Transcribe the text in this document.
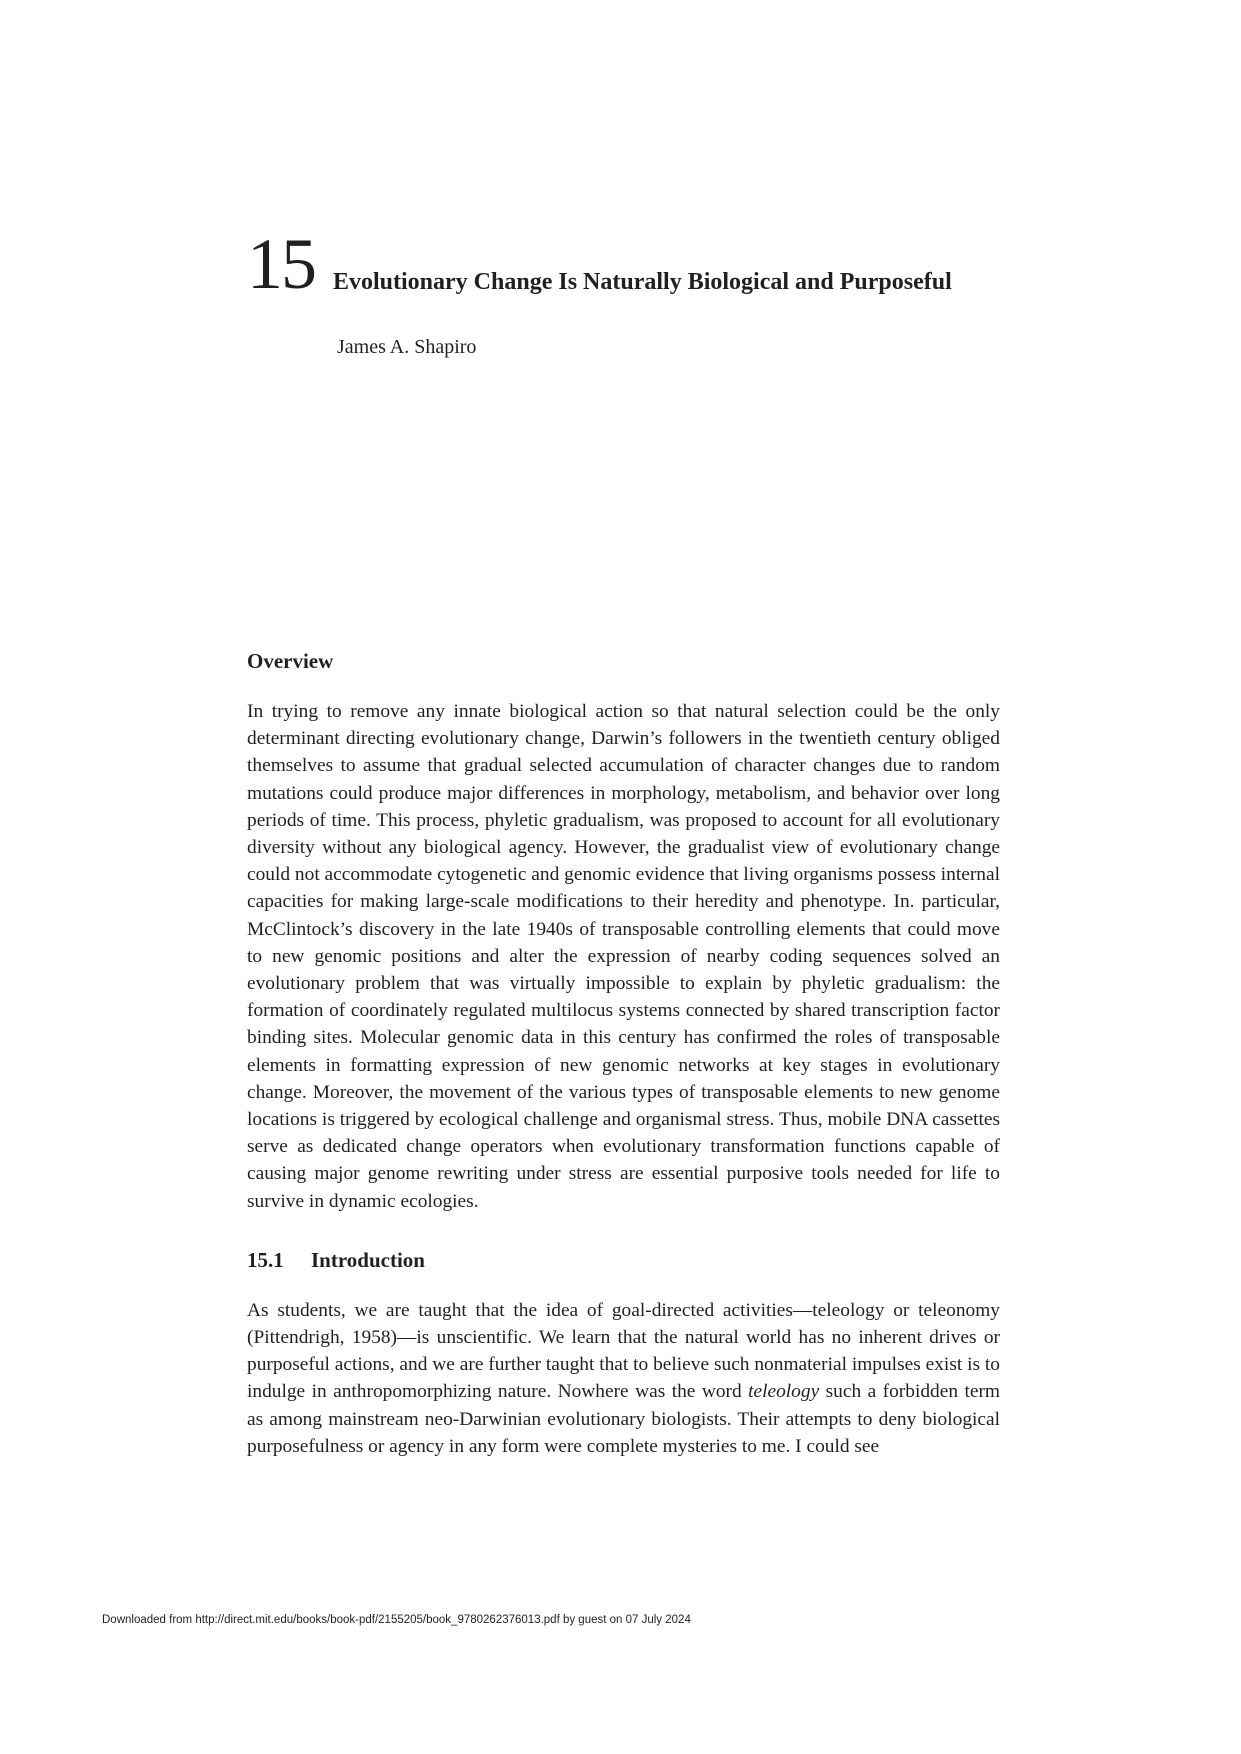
15 Evolutionary Change Is Naturally Biological and Purposeful
James A. Shapiro
Overview

In trying to remove any innate biological action so that natural selection could be the only determinant directing evolutionary change, Darwin’s followers in the twentieth century obliged themselves to assume that gradual selected accumulation of character changes due to random mutations could produce major differences in morphology, metabolism, and behavior over long periods of time. This process, phyletic gradualism, was proposed to account for all evolutionary diversity without any biological agency. However, the gradualist view of evolutionary change could not accommodate cytogenetic and genomic evidence that living organisms possess internal capacities for making large-scale modifications to their heredity and phenotype. In. particular, McClintock’s discovery in the late 1940s of transposable controlling elements that could move to new genomic positions and alter the expression of nearby coding sequences solved an evolutionary problem that was virtually impossible to explain by phyletic gradualism: the formation of coordinately regulated multilocus systems connected by shared transcription factor binding sites. Molecular genomic data in this century has confirmed the roles of transposable elements in formatting expression of new genomic networks at key stages in evolutionary change. Moreover, the movement of the various types of transposable elements to new genome locations is triggered by ecological challenge and organismal stress. Thus, mobile DNA cassettes serve as dedicated change operators when evolutionary transformation functions capable of causing major genome rewriting under stress are essential purposive tools needed for life to survive in dynamic ecologies.

15.1 Introduction

As students, we are taught that the idea of goal-directed activities—teleology or teleonomy (Pittendrigh, 1958)—is unscientific. We learn that the natural world has no inherent drives or purposeful actions, and we are further taught that to believe such nonmaterial impulses exist is to indulge in anthropomorphizing nature. Nowhere was the word teleology such a forbidden term as among mainstream neo-Darwinian evolutionary biologists. Their attempts to deny biological purposefulness or agency in any form were complete mysteries to me. I could see

Downloaded from http://direct.mit.edu/books/book-pdf/2155205/book_9780262376013.pdf by guest on 07 July 2024
